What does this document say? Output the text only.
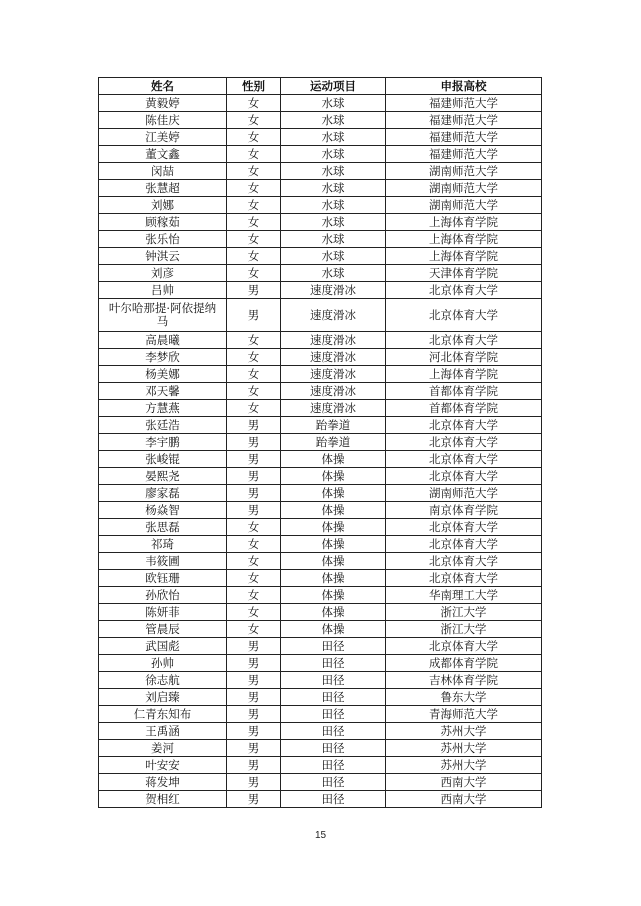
姓名	性别	运动项目	申报高校
黄毅婷	女	水球	福建师范大学
陈佳庆	女	水球	福建师范大学
江美婷	女	水球	福建师范大学
董文鑫	女	水球	福建师范大学
闵喆	女	水球	湖南师范大学
张慧超	女	水球	湖南师范大学
刘娜	女	水球	湖南师范大学
顾稼茹	女	水球	上海体育学院
张乐怡	女	水球	上海体育学院
钟淇云	女	水球	上海体育学院
刘彦	女	水球	天津体育学院
吕帅	男	速度滑冰	北京体育大学
叶尔哈那提·阿依提纳马	男	速度滑冰	北京体育大学
高晨曦	女	速度滑冰	北京体育大学
李梦欣	女	速度滑冰	河北体育学院
杨美娜	女	速度滑冰	上海体育学院
邓天馨	女	速度滑冰	首都体育学院
方慧燕	女	速度滑冰	首都体育学院
张廷浩	男	跆拳道	北京体育大学
李宇鹏	男	跆拳道	北京体育大学
张峻锟	男	体操	北京体育大学
晏熙尧	男	体操	北京体育大学
廖家磊	男	体操	湖南师范大学
杨焱智	男	体操	南京体育学院
张思磊	女	体操	北京体育大学
祁琦	女	体操	北京体育大学
韦筱圃	女	体操	北京体育大学
欧钰珊	女	体操	北京体育大学
孙欣怡	女	体操	华南理工大学
陈妍菲	女	体操	浙江大学
管晨辰	女	体操	浙江大学
武国彪	男	田径	北京体育大学
孙帅	男	田径	成都体育学院
徐志航	男	田径	吉林体育学院
刘启臻	男	田径	鲁东大学
仁青东知布	男	田径	青海师范大学
王禹涵	男	田径	苏州大学
姜河	男	田径	苏州大学
叶安安	男	田径	苏州大学
蒋发坤	男	田径	西南大学
贺相红	男	田径	西南大学
15
